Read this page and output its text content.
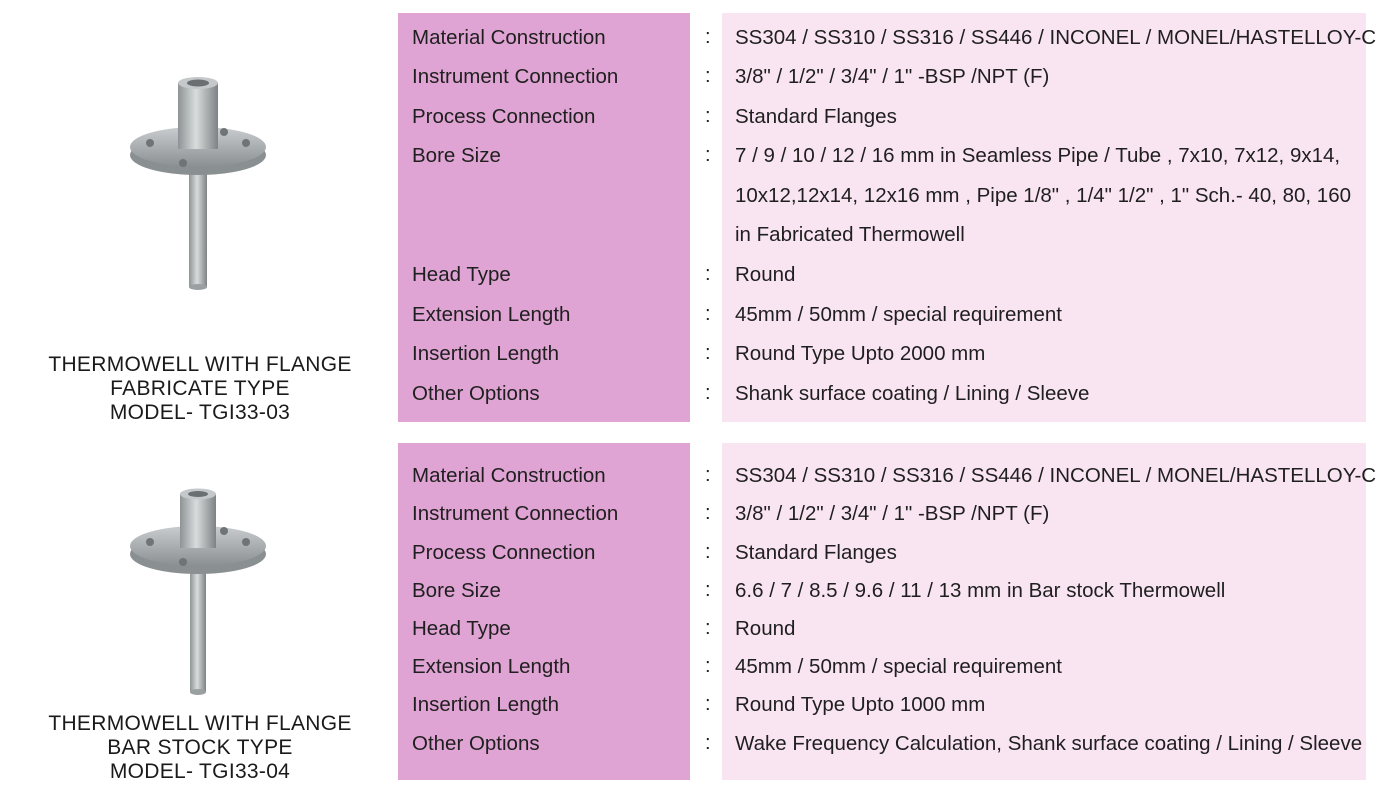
THERMOWELL WITH FLANGE
FABRICATE TYPE
MODEL- TGI33-03
Material Construction	: SS304 / SS310 / SS316 / SS446 / INCONEL / MONEL/HASTELLOY-C
Instrument Connection	: 3/8" / 1/2" / 3/4" / 1" -BSP /NPT (F)
Process Connection	: Standard Flanges
Bore Size	: 7 / 9 / 10 / 12 / 16 mm in Seamless Pipe / Tube , 7x10, 7x12, 9x14,
10x12,12x14, 12x16 mm , Pipe 1/8" , 1/4" 1/2" , 1" Sch.- 40, 80, 160
in Fabricated Thermowell
Head Type	: Round
Extension Length	: 45mm / 50mm / special requirement
Insertion Length	: Round Type Upto 2000 mm
Other Options	: Shank surface coating / Lining / Sleeve
THERMOWELL WITH FLANGE
BAR STOCK TYPE
MODEL- TGI33-04
Material Construction	: SS304 / SS310 / SS316 / SS446 / INCONEL / MONEL/HASTELLOY-C
Instrument Connection	: 3/8" / 1/2" / 3/4" / 1" -BSP /NPT (F)
Process Connection	: Standard Flanges
Bore Size	: 6.6 / 7 / 8.5 / 9.6 / 11 / 13 mm in Bar stock Thermowell
Head Type	: Round
Extension Length	: 45mm / 50mm / special requirement
Insertion Length	: Round Type Upto 1000 mm
Other Options	: Wake Frequency Calculation, Shank surface coating / Lining / Sleeve
